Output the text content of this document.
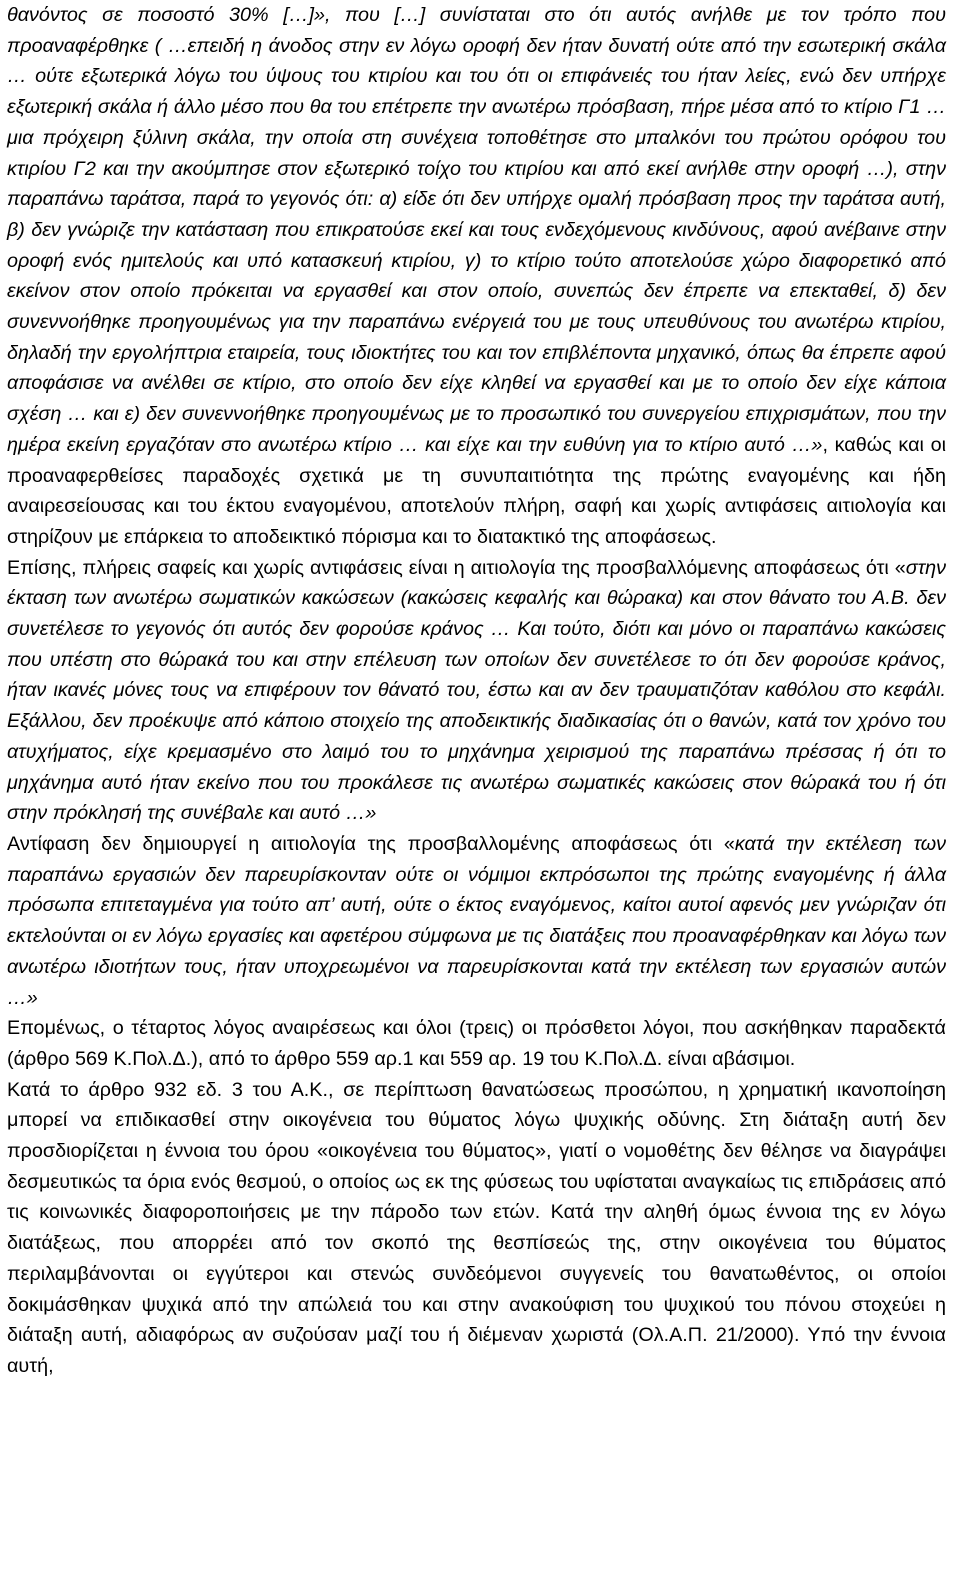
θανόντος σε ποσοστό 30% […]», που […] συνίσταται στο ότι αυτός ανήλθε με τον τρόπο που προαναφέρθηκε ( …επειδή η άνοδος στην εν λόγω οροφή δεν ήταν δυνατή ούτε από την εσωτερική σκάλα … ούτε εξωτερικά λόγω του ύψους του κτιρίου και του ότι οι επιφάνειές του ήταν λείες, ενώ δεν υπήρχε εξωτερική σκάλα ή άλλο μέσο που θα του επέτρεπε την ανωτέρω πρόσβαση, πήρε μέσα από το κτίριο Γ1 … μια πρόχειρη ξύλινη σκάλα, την οποία στη συνέχεια τοποθέτησε στο μπαλκόνι του πρώτου ορόφου του κτιρίου Γ2 και την ακούμπησε στον εξωτερικό τοίχο του κτιρίου και από εκεί ανήλθε στην οροφή …), στην παραπάνω ταράτσα, παρά το γεγονός ότι: α) είδε ότι δεν υπήρχε ομαλή πρόσβαση προς την ταράτσα αυτή, β) δεν γνώριζε την κατάσταση που επικρατούσε εκεί και τους ενδεχόμενους κινδύνους, αφού ανέβαινε στην οροφή ενός ημιτελούς και υπό κατασκευή κτιρίου, γ) το κτίριο τούτο αποτελούσε χώρο διαφορετικό από εκείνον στον οποίο πρόκειται να εργασθεί και στον οποίο, συνεπώς δεν έπρεπε να επεκταθεί, δ) δεν συνεννοήθηκε προηγουμένως για την παραπάνω ενέργειά του με τους υπευθύνους του ανωτέρω κτιρίου, δηλαδή την εργολήπτρια εταιρεία, τους ιδιοκτήτες του και τον επιβλέποντα μηχανικό, όπως θα έπρεπε αφού αποφάσισε να ανέλθει σε κτίριο, στο οποίο δεν είχε κληθεί να εργασθεί και με το οποίο δεν είχε κάποια σχέση … και ε) δεν συνεννοήθηκε προηγουμένως με το προσωπικό του συνεργείου επιχρισμάτων, που την ημέρα εκείνη εργαζόταν στο ανωτέρω κτίριο … και είχε και την ευθύνη για το κτίριο αυτό …», καθώς και οι προαναφερθείσες παραδοχές σχετικά με τη συνυπαιτιότητα της πρώτης εναγομένης και ήδη αναιρεσείουσας και του έκτου εναγομένου, αποτελούν πλήρη, σαφή και χωρίς αντιφάσεις αιτιολογία και στηρίζουν με επάρκεια το αποδεικτικό πόρισμα και το διατακτικό της αποφάσεως.

Επίσης, πλήρεις σαφείς και χωρίς αντιφάσεις είναι η αιτιολογία της προσβαλλόμενης αποφάσεως ότι «στην έκταση των ανωτέρω σωματικών κακώσεων (κακώσεις κεφαλής και θώρακα) και στον θάνατο του Α.Β. δεν συνετέλεσε το γεγονός ότι αυτός δεν φορούσε κράνος … Και τούτο, διότι και μόνο οι παραπάνω κακώσεις που υπέστη στο θώρακά του και στην επέλευση των οποίων δεν συνετέλεσε το ότι δεν φορούσε κράνος, ήταν ικανές μόνες τους να επιφέρουν τον θάνατό του, έστω και αν δεν τραυματιζόταν καθόλου στο κεφάλι. Εξάλλου, δεν προέκυψε από κάποιο στοιχείο της αποδεικτικής διαδικασίας ότι ο θανών, κατά τον χρόνο του ατυχήματος, είχε κρεμασμένο στο λαιμό του το μηχάνημα χειρισμού της παραπάνω πρέσσας ή ότι το μηχάνημα αυτό ήταν εκείνο που του προκάλεσε τις ανωτέρω σωματικές κακώσεις στον θώρακά του ή ότι στην πρόκλησή της συνέβαλε και αυτό …»

Αντίφαση δεν δημιουργεί η αιτιολογία της προσβαλλομένης αποφάσεως ότι «κατά την εκτέλεση των παραπάνω εργασιών δεν παρευρίσκονταν ούτε οι νόμιμοι εκπρόσωποι της πρώτης εναγομένης ή άλλα πρόσωπα επιτεταγμένα για τούτο απ’ αυτή, ούτε ο έκτος εναγόμενος, καίτοι αυτοί αφενός μεν γνώριζαν ότι εκτελούνται οι εν λόγω εργασίες και αφετέρου σύμφωνα με τις διατάξεις που προαναφέρθηκαν και λόγω των ανωτέρω ιδιοτήτων τους, ήταν υποχρεωμένοι να παρευρίσκονται κατά την εκτέλεση των εργασιών αυτών …»

Επομένως, ο τέταρτος λόγος αναιρέσεως και όλοι (τρεις) οι πρόσθετοι λόγοι, που ασκήθηκαν παραδεκτά (άρθρο 569 Κ.Πολ.Δ.), από το άρθρο 559 αρ.1 και 559 αρ. 19 του Κ.Πολ.Δ. είναι αβάσιμοι.

Κατά το άρθρο 932 εδ. 3 του Α.Κ., σε περίπτωση θανατώσεως προσώπου, η χρηματική ικανοποίηση μπορεί να επιδικασθεί στην οικογένεια του θύματος λόγω ψυχικής οδύνης. Στη διάταξη αυτή δεν προσδιορίζεται η έννοια του όρου «οικογένεια του θύματος», γιατί ο νομοθέτης δεν θέλησε να διαγράψει δεσμευτικώς τα όρια ενός θεσμού, ο οποίος ως εκ της φύσεως του υφίσταται αναγκαίως τις επιδράσεις από τις κοινωνικές διαφοροποιήσεις με την πάροδο των ετών. Κατά την αληθή όμως έννοια της εν λόγω διατάξεως, που απορρέει από τον σκοπό της θεσπίσεώς της, στην οικογένεια του θύματος περιλαμβάνονται οι εγγύτεροι και στενώς συνδεόμενοι συγγενείς του θανατωθέντος, οι οποίοι δοκιμάσθηκαν ψυχικά από την απώλειά του και στην ανακούφιση του ψυχικού του πόνου στοχεύει η διάταξη αυτή, αδιαφόρως αν συζούσαν μαζί του ή διέμεναν χωριστά (Ολ.Α.Π. 21/2000). Υπό την έννοια αυτή,
